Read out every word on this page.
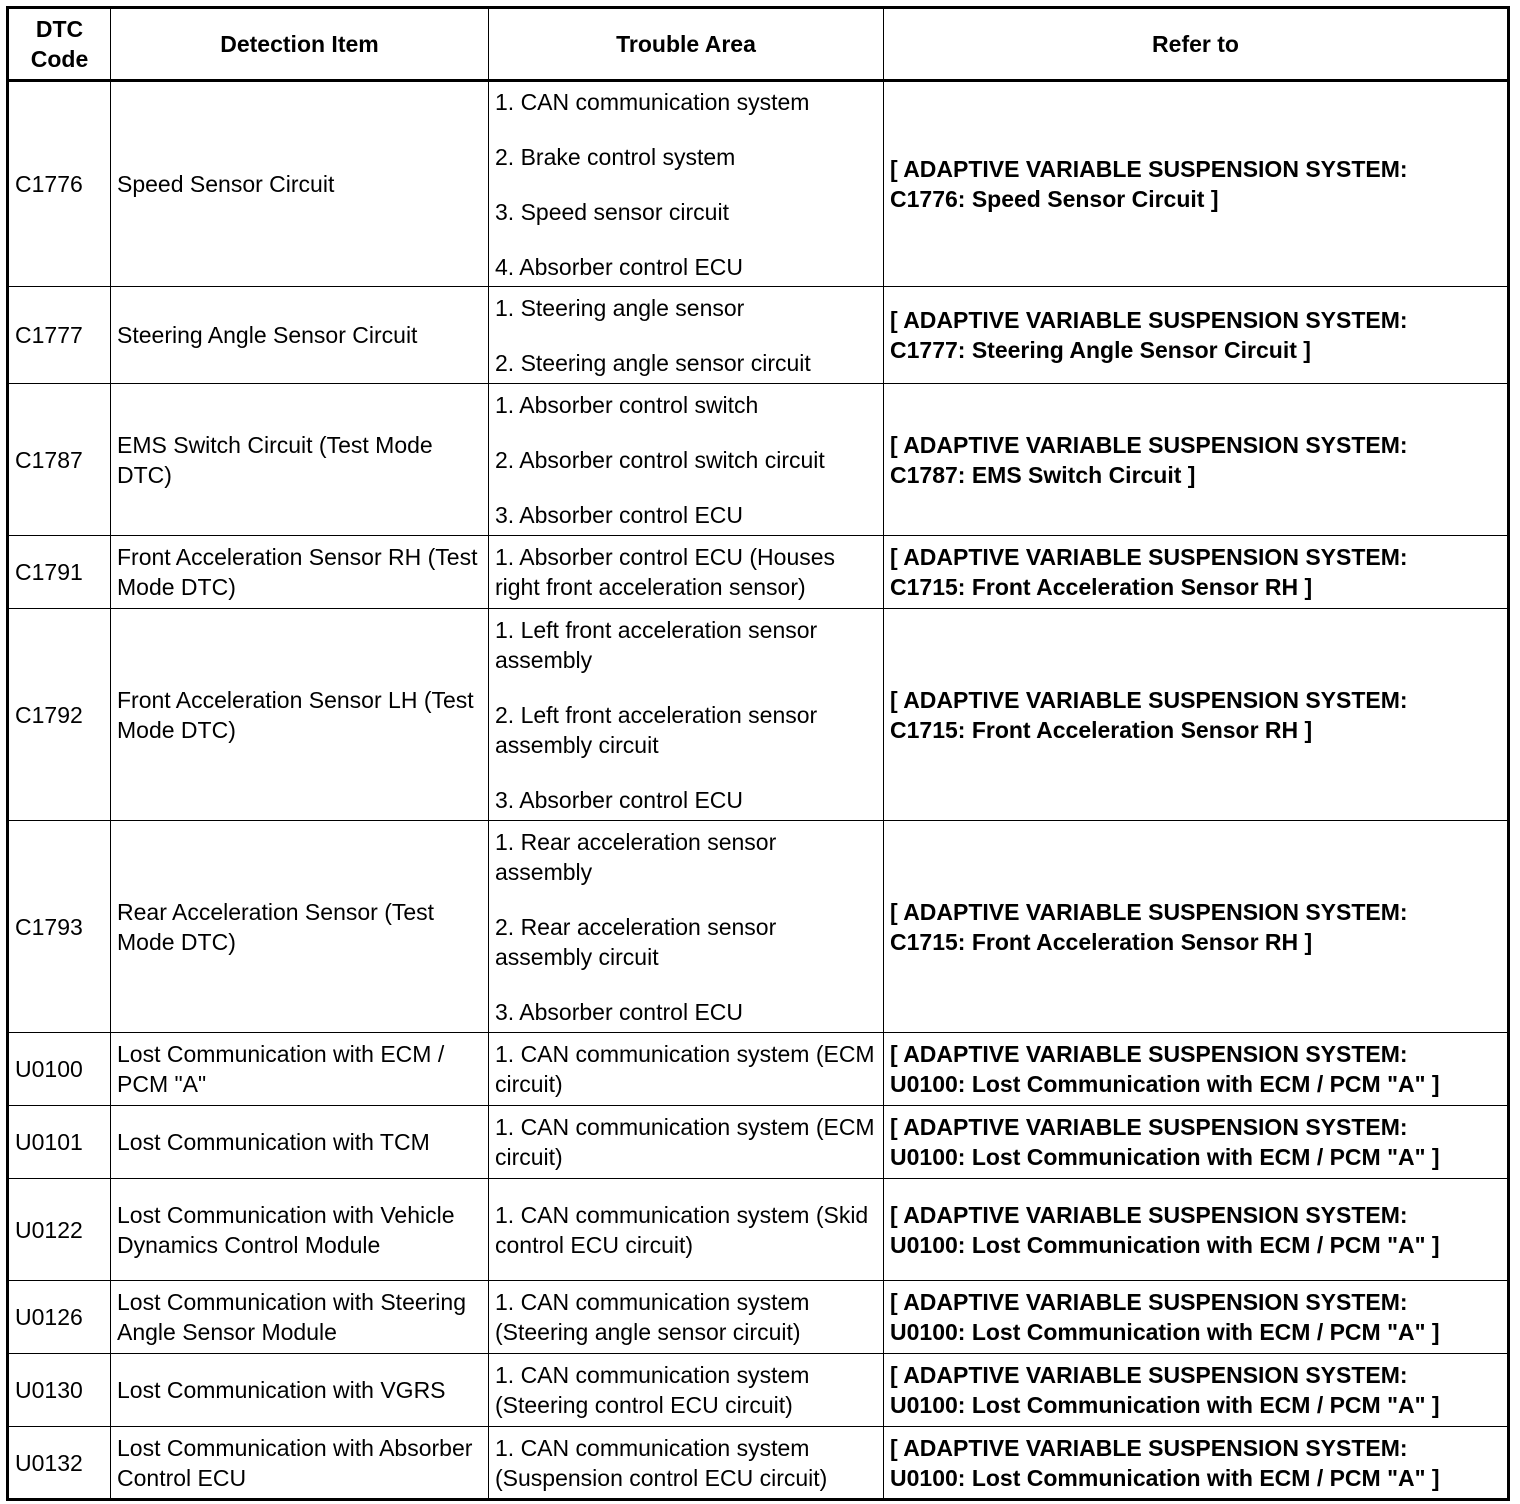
DTC Code	Detection Item	Trouble Area	Refer to
C1776	Speed Sensor Circuit	1. CAN communication system
2. Brake control system
3. Speed sensor circuit
4. Absorber control ECU	[ ADAPTIVE VARIABLE SUSPENSION SYSTEM:
C1776: Speed Sensor Circuit ]

C1777	Steering Angle Sensor Circuit	1. Steering angle sensor
2. Steering angle sensor circuit	[ ADAPTIVE VARIABLE SUSPENSION SYSTEM:
C1777: Steering Angle Sensor Circuit ]

C1787	EMS Switch Circuit (Test Mode DTC)	1. Absorber control switch
2. Absorber control switch circuit
3. Absorber control ECU	[ ADAPTIVE VARIABLE SUSPENSION SYSTEM:
C1787: EMS Switch Circuit ]

C1791	Front Acceleration Sensor RH (Test Mode DTC)	1. Absorber control ECU (Houses right front acceleration sensor)	[ ADAPTIVE VARIABLE SUSPENSION SYSTEM:
C1715: Front Acceleration Sensor RH ]

C1792	Front Acceleration Sensor LH (Test Mode DTC)	1. Left front acceleration sensor assembly
2. Left front acceleration sensor assembly circuit
3. Absorber control ECU	[ ADAPTIVE VARIABLE SUSPENSION SYSTEM:
C1715: Front Acceleration Sensor RH ]

C1793	Rear Acceleration Sensor (Test Mode DTC)	1. Rear acceleration sensor assembly
2. Rear acceleration sensor assembly circuit
3. Absorber control ECU	[ ADAPTIVE VARIABLE SUSPENSION SYSTEM:
C1715: Front Acceleration Sensor RH ]

U0100	Lost Communication with ECM / PCM "A"	1. CAN communication system (ECM circuit)	[ ADAPTIVE VARIABLE SUSPENSION SYSTEM:
U0100: Lost Communication with ECM / PCM "A" ]

U0101	Lost Communication with TCM	1. CAN communication system (ECM circuit)	[ ADAPTIVE VARIABLE SUSPENSION SYSTEM:
U0100: Lost Communication with ECM / PCM "A" ]

U0122	Lost Communication with Vehicle Dynamics Control Module	1. CAN communication system (Skid control ECU circuit)	[ ADAPTIVE VARIABLE SUSPENSION SYSTEM:
U0100: Lost Communication with ECM / PCM "A" ]

U0126	Lost Communication with Steering Angle Sensor Module	1. CAN communication system (Steering angle sensor circuit)	[ ADAPTIVE VARIABLE SUSPENSION SYSTEM:
U0100: Lost Communication with ECM / PCM "A" ]

U0130	Lost Communication with VGRS	1. CAN communication system (Steering control ECU circuit)	[ ADAPTIVE VARIABLE SUSPENSION SYSTEM:
U0100: Lost Communication with ECM / PCM "A" ]

U0132	Lost Communication with Absorber Control ECU	1. CAN communication system (Suspension control ECU circuit)	[ ADAPTIVE VARIABLE SUSPENSION SYSTEM:
U0100: Lost Communication with ECM / PCM "A" ]
